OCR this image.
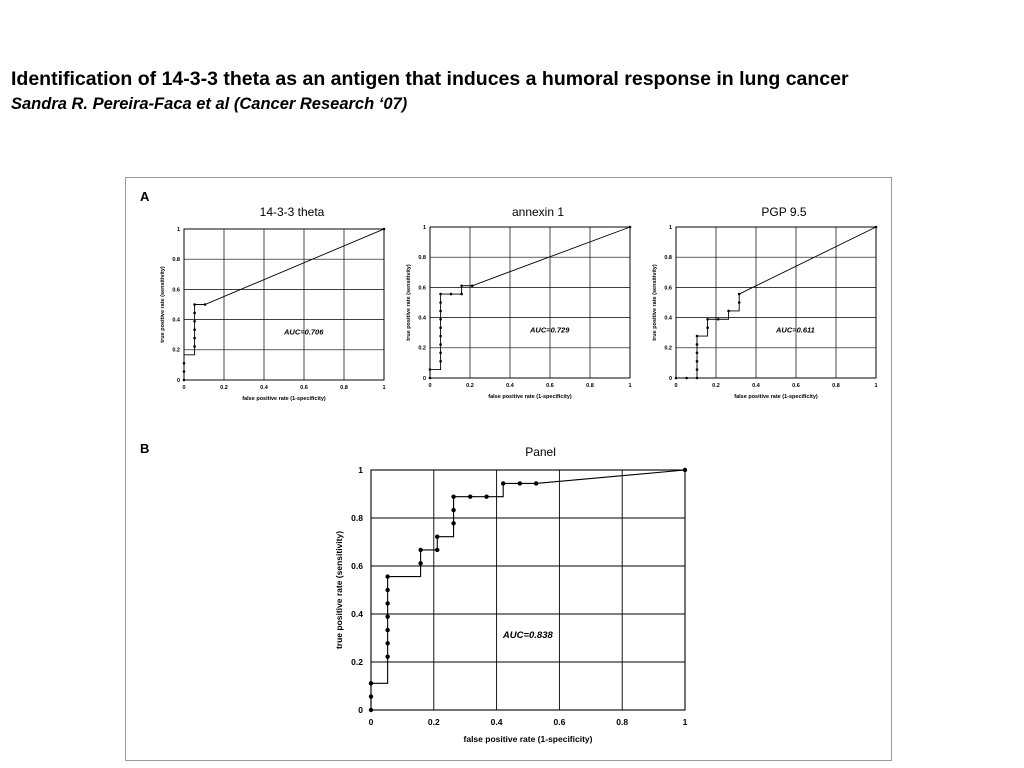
Identification of 14-3-3 theta as an antigen that induces a humoral response in lung cancer
Sandra R. Pereira-Faca et al (Cancer Research ‘07)
A
B
14-3-3 theta
0	0.2	0.4	0.6	0.8	1
0
0.2
0.4
0.6
0.8
1
false positive rate (1-specificity)
true positive rate (sensitivity)	AUC=0.706
annexin 1
0	0.2	0.4	0.6	0.8	1
0
0.2
0.4
0.6
0.8
1
false positive rate (1-specificity)
true positive rate (sensitivity)	AUC=0.729
PGP 9.5
0	0.2	0.4	0.6	0.8	1
0
0.2
0.4
0.6
0.8
1
false positive rate (1-specificity)
true positive rate (sensitivity)	AUC=0.611
Panel
0	0.2	0.4	0.6	0.8	1
0
0.2
0.4
0.6
0.8
1
false positive rate (1-specificity)
true positive rate (sensitivity)	AUC=0.838
